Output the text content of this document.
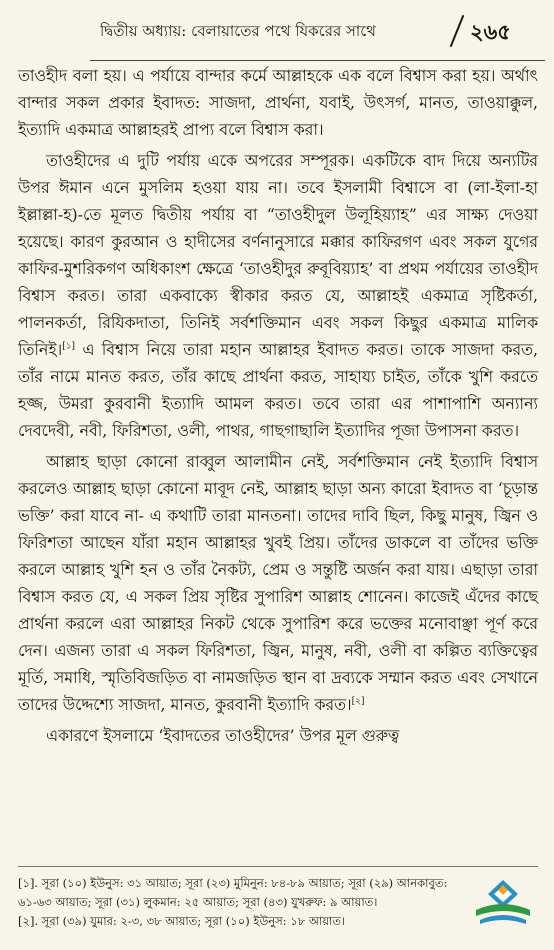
দ্বিতীয় অধ্যায়: বেলায়াতের পথে যিকরের সাথে	২৬৫

তাওহীদ বলা হয়। এ পর্যায়ে বান্দার কর্মে আল্লাহকে এক বলে বিশ্বাস করা হয়। অর্থাৎ বান্দার সকল প্রকার ইবাদত: সাজদা, প্রার্থনা, যবাই, উৎসর্গ, মানত, তাওয়াক্কুল, ইত্যাদি একমাত্র আল্লাহরই প্রাপ্য বলে বিশ্বাস করা।

তাওহীদের এ দুটি পর্যায় একে অপরের সম্পূরক। একটিকে বাদ দিয়ে অন্যটির উপর ঈমান এনে মুসলিম হওয়া যায় না। তবে ইসলামী বিশ্বাসে বা (লা-ইলা-হা ইল্লাল্লা-হ)-তে মূলত দ্বিতীয় পর্যায় বা “তাওহীদুল উলূহিয়্যাহ” এর সাক্ষ্য দেওয়া হয়েছে। কারণ কুরআন ও হাদীসের বর্ণনানুসারে মক্কার কাফিরগণ এবং সকল যুগের কাফির-মুশরিকগণ অধিকাংশ ক্ষেত্রে ‘তাওহীদুর রুবূবিয়্যাহ’ বা প্রথম পর্যায়ের তাওহীদ বিশ্বাস করত। তারা একবাক্যে স্বীকার করত যে, আল্লাহই একমাত্র সৃষ্টিকর্তা, পালনকর্তা, রিযিকদাতা, তিনিই সর্বশক্তিমান এবং সকল কিছুর একমাত্র মালিক তিনিই।[১] এ বিশ্বাস নিয়ে তারা মহান আল্লাহর ইবাদত করত। তাকে সাজদা করত, তাঁর নামে মানত করত, তাঁর কাছে প্রার্থনা করত, সাহায্য চাইত, তাঁকে খুশি করতে হজ্জ, উমরা কুরবানী ইত্যাদি আমল করত। তবে তারা এর পাশাপাশি অন্যান্য দেবদেবী, নবী, ফিরিশতা, ওলী, পাথর, গাছগাছালি ইত্যাদির পূজা উপাসনা করত।

আল্লাহ ছাড়া কোনো রাব্বুল আলামীন নেই, সর্বশক্তিমান নেই ইত্যাদি বিশ্বাস করলেও আল্লাহ ছাড়া কোনো মাবূদ নেই, আল্লাহ ছাড়া অন্য কারো ইবাদত বা ‘চূড়ান্ত ভক্তি’ করা যাবে না- এ কথাটি তারা মানতনা। তাদের দাবি ছিল, কিছু মানুষ, জ্বিন ও ফিরিশতা আছেন যাঁরা মহান আল্লাহর খুবই প্রিয়। তাঁদের ডাকলে বা তাঁদের ভক্তি করলে আল্লাহ খুশি হন ও তাঁর নৈকট্য, প্রেম ও সন্তুষ্টি অর্জন করা যায়। এছাড়া তারা বিশ্বাস করত যে, এ সকল প্রিয় সৃষ্টির সুপারিশ আল্লাহ শোনেন। কাজেই এঁদের কাছে প্রার্থনা করলে এরা আল্লাহর নিকট থেকে সুপারিশ করে ভক্তের মনোবাঞ্ছা পূর্ণ করে দেন। এজন্য তারা এ সকল ফিরিশতা, জ্বিন, মানুষ, নবী, ওলী বা কল্পিত ব্যক্তিত্বের মূর্তি, সমাধি, স্মৃতিবিজড়িত বা নামজড়িত স্থান বা দ্রব্যকে সম্মান করত এবং সেখানে তাদের উদ্দেশ্যে সাজদা, মানত, কুরবানী ইত্যাদি করত।[২]

একারণে ইসলামে ‘ইবাদতের তাওহীদের’ উপর মূল গুরুত্ব

[১]. সূরা (১০) ইউনুস: ৩১ আয়াত; সূরা (২৩) মুমিনুন: ৮৪-৮৯ আয়াত; সূরা (২৯) আনকাবুত: ৬১-৬৩ আয়াত; সূরা (৩১) লুকমান: ২৫ আয়াত; সূরা (৪৩) যুখরুফ: ৯ আয়াত।

[২]. সূরা (৩৯) যুমার: ২-৩, ৩৮ আয়াত; সূরা (১০) ইউনুস: ১৮ আয়াত।
